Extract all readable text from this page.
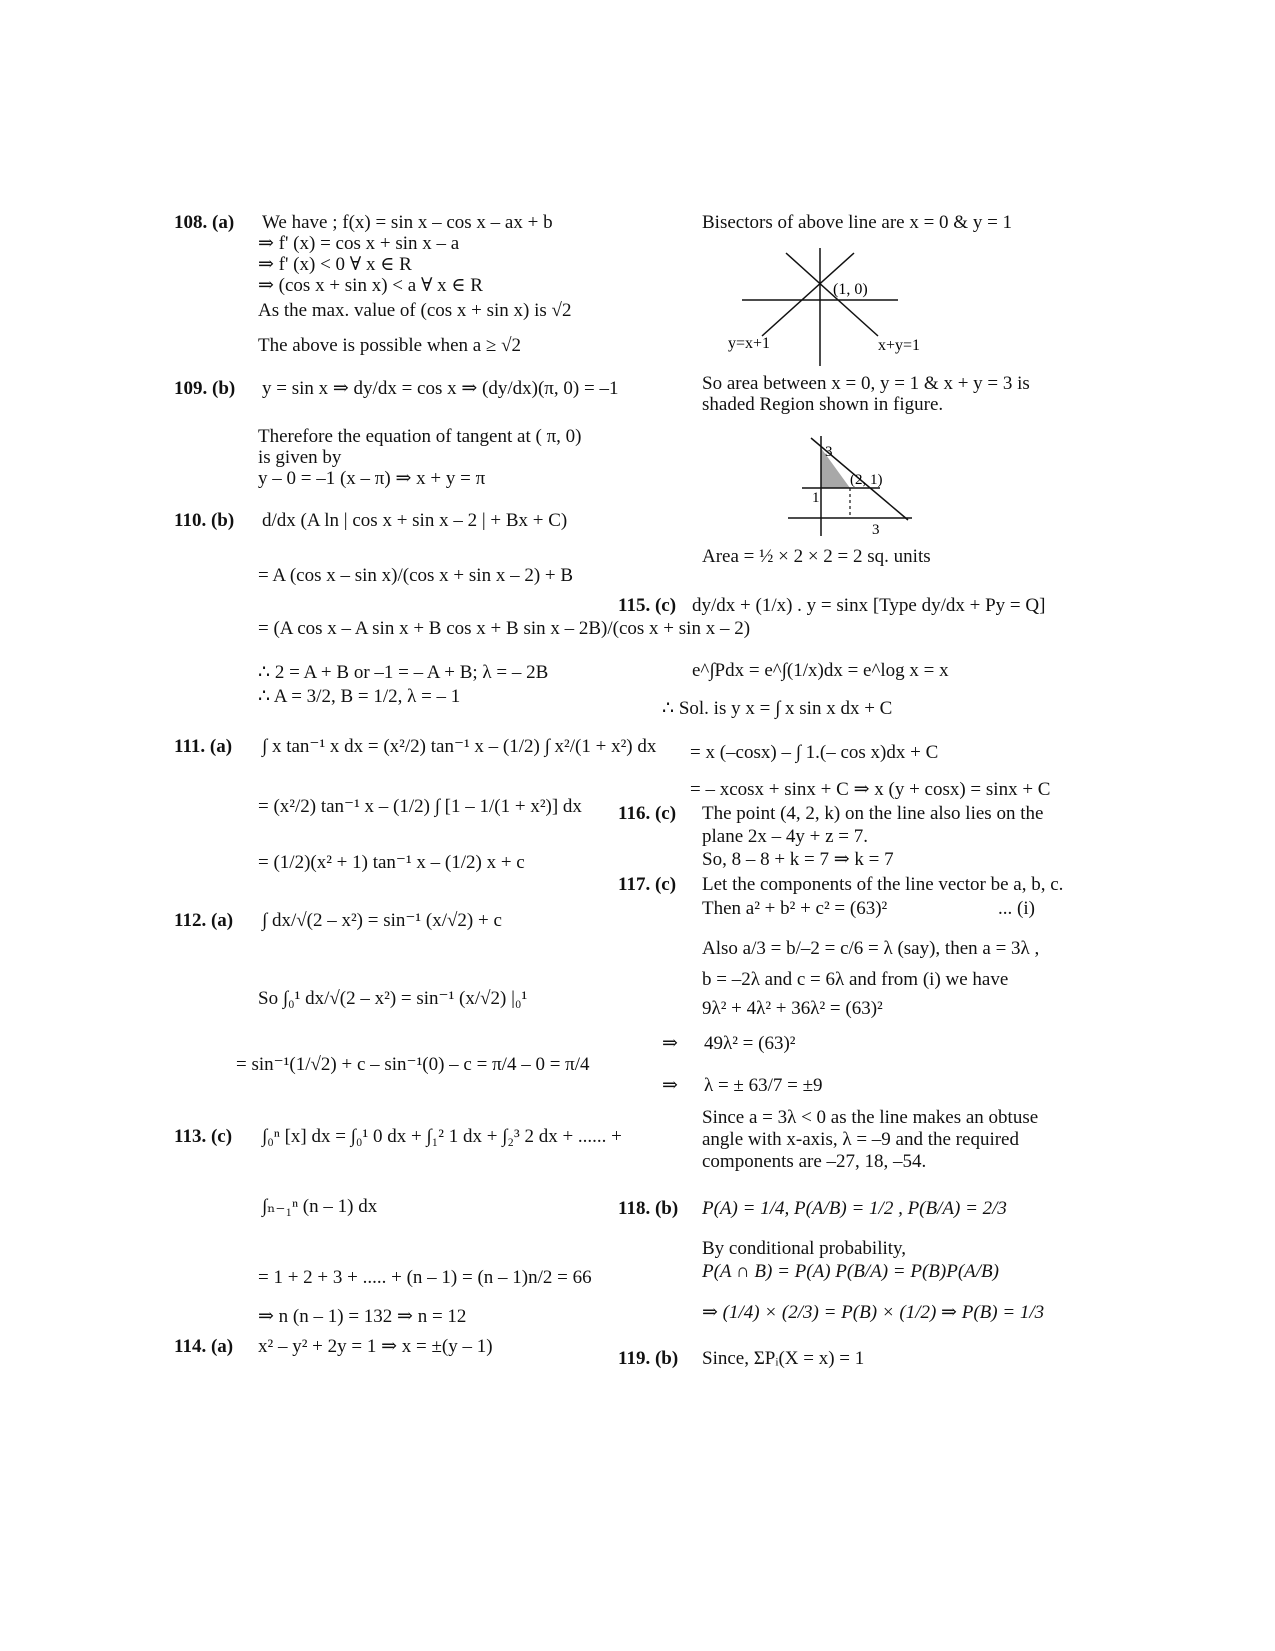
108. (a) We have ; f(x) = sin x – cos x – ax + b
⇒ f' (x) = cos x + sin x – a
⇒ f' (x) < 0 ∀ x ∈ R
⇒ (cos x + sin x) < a ∀ x ∈ R
As the max. value of (cos x + sin x) is √2
The above is possible when a ≥ √2
109. (b) y = sin x ⇒ dy/dx = cos x ⇒ (dy/dx)(π, 0) = –1
Therefore the equation of tangent at ( π, 0)
is given by
y – 0 = –1 (x – π) ⇒ x + y = π
110. (b) d/dx (A ln | cos x + sin x – 2 | + Bx + C)
= A (cos x – sin x)/(cos x + sin x – 2) + B
= (A cos x – A sin x + B cos x + B sin x – 2B)/(cos x + sin x – 2)
∴ 2 = A + B or –1 = – A + B; λ = – 2B
∴ A = 3/2, B = 1/2, λ = – 1
111. (a) ∫ x tan⁻¹ x dx = (x²/2) tan⁻¹ x – (1/2) ∫ x²/(1 + x²) dx
= (x²/2) tan⁻¹ x – (1/2) ∫ [1 – 1/(1 + x²)] dx
= (1/2)(x² + 1) tan⁻¹ x – (1/2) x + c
112. (a) ∫ dx/√(2 – x²) = sin⁻¹ (x/√2) + c
So ∫₀¹ dx/√(2 – x²) = sin⁻¹ (x/√2) |₀¹
= sin⁻¹(1/√2) + c – sin⁻¹(0) – c = π/4 – 0 = π/4
113. (c) ∫₀ⁿ [x] dx = ∫₀¹ 0 dx + ∫₁² 1 dx + ∫₂³ 2 dx + ...... +
∫ₙ₋₁ⁿ (n – 1) dx
= 1 + 2 + 3 + ..... + (n – 1) = (n – 1)n/2 = 66
⇒ n (n – 1) = 132 ⇒ n = 12
114. (a) x² – y² + 2y = 1 ⇒ x = ±(y – 1)
Bisectors of above line are x = 0 & y = 1
(1, 0)
y=x+1	x+y=1
So area between x = 0, y = 1 & x + y = 3 is
shaded Region shown in figure.
3
1
(2, 1)
3
Area = ½ × 2 × 2 = 2 sq. units
115. (c) dy/dx + (1/x) . y = sinx [Type dy/dx + Py = Q]
e^∫Pdx = e^∫(1/x)dx = e^log x = x
∴ Sol. is y x = ∫ x sin x dx + C
= x (–cosx) – ∫ 1.(– cos x)dx + C
= – xcosx + sinx + C ⇒ x (y + cosx) = sinx + C
116. (c) The point (4, 2, k) on the line also lies on the
plane 2x – 4y + z = 7.
So, 8 – 8 + k = 7 ⇒ k = 7
117. (c) Let the components of the line vector be a, b, c.
Then a² + b² + c² = (63)²	... (i)
Also a/3 = b/–2 = c/6 = λ (say), then a = 3λ ,
b = –2λ and c = 6λ and from (i) we have
9λ² + 4λ² + 36λ² = (63)²
⇒ 49λ² = (63)²
⇒ λ = ± 63/7 = ±9
Since a = 3λ < 0 as the line makes an obtuse
angle with x-axis, λ = –9 and the required
components are –27, 18, –54.
118. (b) P(A) = 1/4, P(A/B) = 1/2 , P(B/A) = 2/3
By conditional probability,
P(A ∩ B) = P(A) P(B/A) = P(B)P(A/B)
⇒ (1/4) × (2/3) = P(B) × (1/2) ⇒ P(B) = 1/3
119. (b) Since, ΣPᵢ(X = x) = 1
